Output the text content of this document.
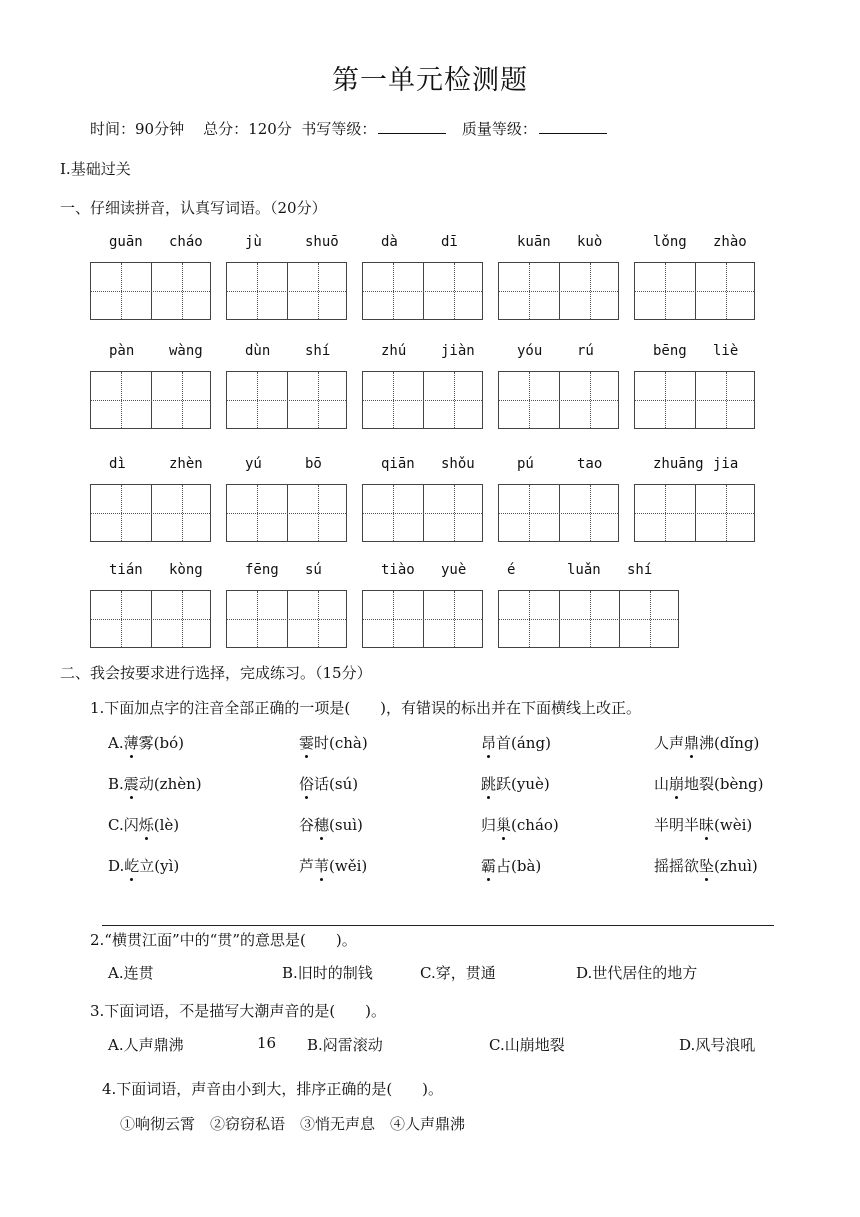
第一单元检测题
时间：90分钟 总分：120分 书写等级：	质量等级：
Ⅰ.基础过关
一、仔细读拼音，认真写词语。（20分）
guān cháo	jù	shuō	dà	dī	kuān kuò	lǒng zhào
pàn wàng	dùn shí	zhú jiàn	yóu rú	bēng liè
dì	zhèn	yú	bō	qiān shǒu	pú	tao	zhuāng jia
tián kòng	fēng sú	tiào yuè	é	luǎn shí
二、我会按要求进行选择，完成练习。（15分）
1.下面加点字的注音全部正确的一项是(　　)，有错误的标出并在下面横线上改正。
A.薄雾(bó)	霎时(chà)	昂首(áng)	人声鼎沸(dǐng)
B.震动(zhèn)	俗话(sú)	跳跃(yuè)	山崩地裂(bèng)
C.闪烁(lè)	谷穗(suì)	归巢(cháo)	半明半昧(wèi)
D.屹立(yì)	芦苇(wěi)	霸占(bà)	摇摇欲坠(zhuì)
2.“横贯江面”中的“贯”的意思是(　　)。
A.连贯	B.旧时的制钱	C.穿，贯通	D.世代居住的地方
3.下面词语，不是描写大潮声音的是(　　)。
A.人声鼎沸	16 B.闷雷滚动	C.山崩地裂	D.风号浪吼
4.下面词语，声音由小到大，排序正确的是(　　)。
①响彻云霄　②窃窃私语　③悄无声息　④人声鼎沸
